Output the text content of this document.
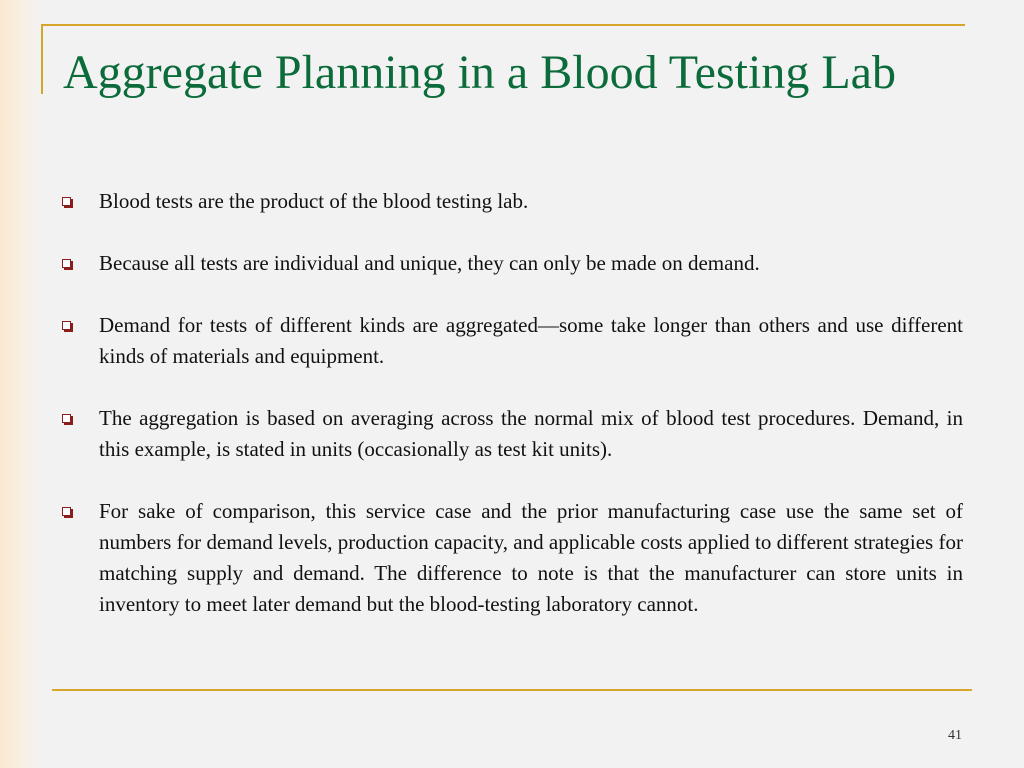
Aggregate Planning in a Blood Testing Lab
Blood tests are the product of the blood testing lab.
Because all tests are individual and unique, they can only be made on demand.
Demand for tests of different kinds are aggregated—some take longer than others and use different kinds of materials and equipment.
The aggregation is based on averaging across the normal mix of blood test procedures. Demand, in this example, is stated in units (occasionally as test kit units).
For sake of comparison, this service case and the prior manufacturing case use the same set of numbers for demand levels, production capacity, and applicable costs applied to different strategies for matching supply and demand. The difference to note is that the manufacturer can store units in inventory to meet later demand but the blood-testing laboratory cannot.
41
